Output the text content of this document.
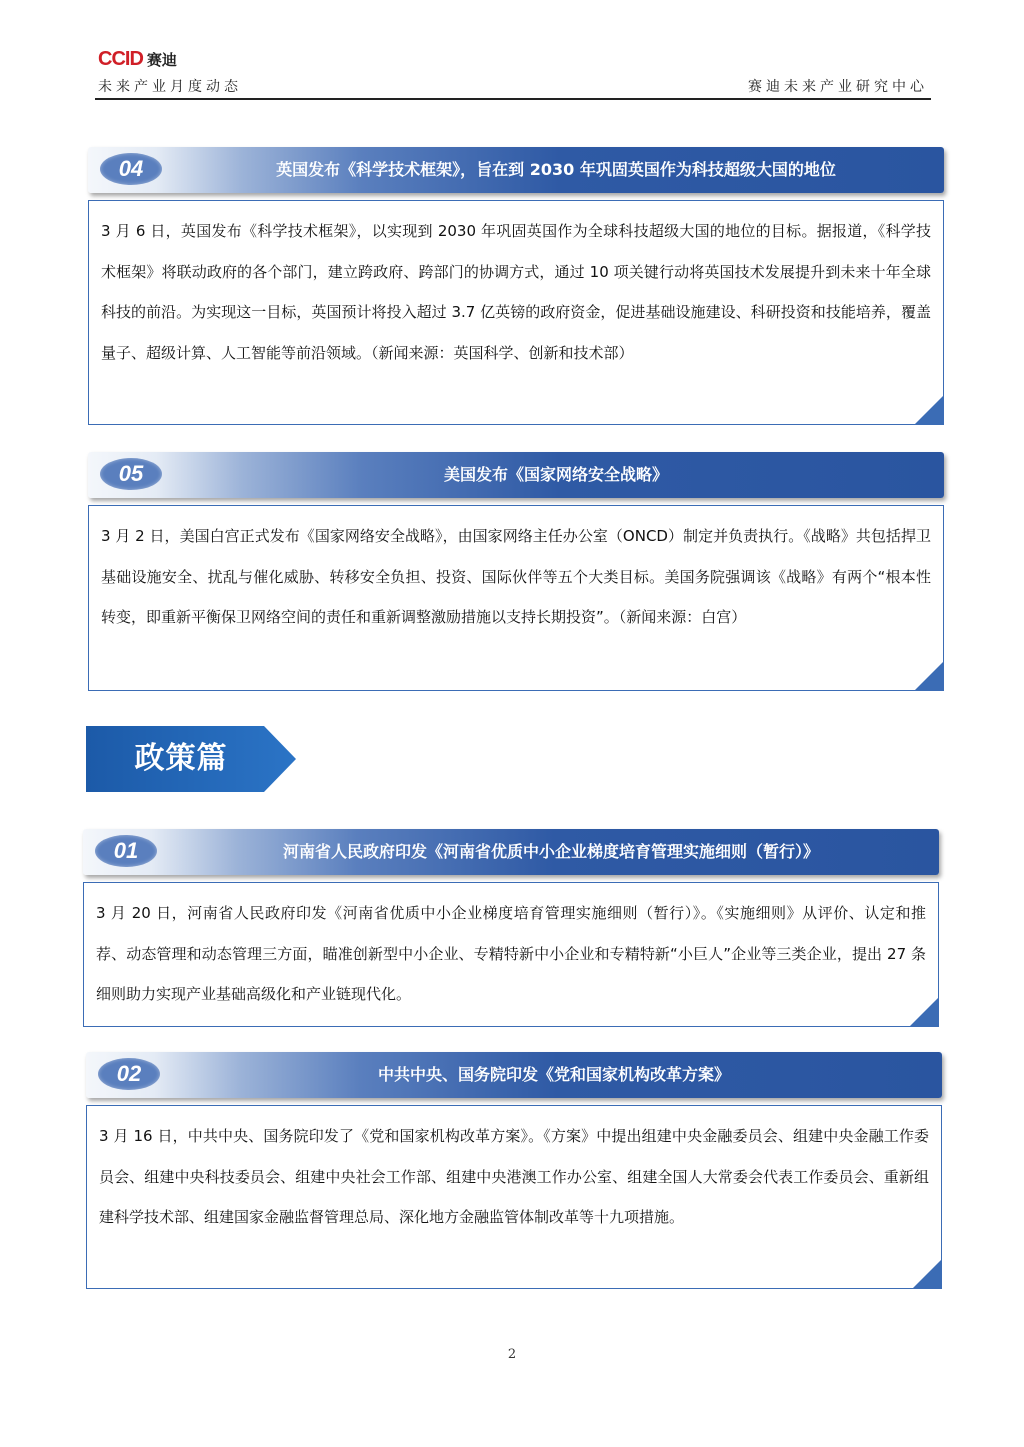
CCID 赛迪
未来产业月度动态	赛迪未来产业研究中心
04	英国发布《科学技术框架》，旨在到 2030 年巩固英国作为科技超级大国的地位
3 月 6 日，英国发布《科学技术框架》，以实现到 2030 年巩固英国作为全球科技超级大国的地位的目标。据报道，《科学技术框架》将联动政府的各个部门，建立跨政府、跨部门的协调方式，通过 10 项关键行动将英国技术发展提升到未来十年全球科技的前沿。为实现这一目标，英国预计将投入超过 3.7 亿英镑的政府资金，促进基础设施建设、科研投资和技能培养，覆盖量子、超级计算、人工智能等前沿领域。（新闻来源：英国科学、创新和技术部）
05	美国发布《国家网络安全战略》
3 月 2 日，美国白宫正式发布《国家网络安全战略》，由国家网络主任办公室（ONCD）制定并负责执行。《战略》共包括捍卫基础设施安全、扰乱与催化威胁、转移安全负担、投资、国际伙伴等五个大类目标。美国务院强调该《战略》有两个“根本性转变，即重新平衡保卫网络空间的责任和重新调整激励措施以支持长期投资”。（新闻来源：白宫）
政策篇
01	河南省人民政府印发《河南省优质中小企业梯度培育管理实施细则（暂行）》
3 月 20 日，河南省人民政府印发《河南省优质中小企业梯度培育管理实施细则（暂行）》。《实施细则》从评价、认定和推荐、动态管理和动态管理三方面，瞄准创新型中小企业、专精特新中小企业和专精特新“小巨人”企业等三类企业，提出 27 条细则助力实现产业基础高级化和产业链现代化。
02	中共中央、国务院印发《党和国家机构改革方案》
3 月 16 日，中共中央、国务院印发了《党和国家机构改革方案》。《方案》中提出组建中央金融委员会、组建中央金融工作委员会、组建中央科技委员会、组建中央社会工作部、组建中央港澳工作办公室、组建全国人大常委会代表工作委员会、重新组建科学技术部、组建国家金融监督管理总局、深化地方金融监管体制改革等十九项措施。
2
